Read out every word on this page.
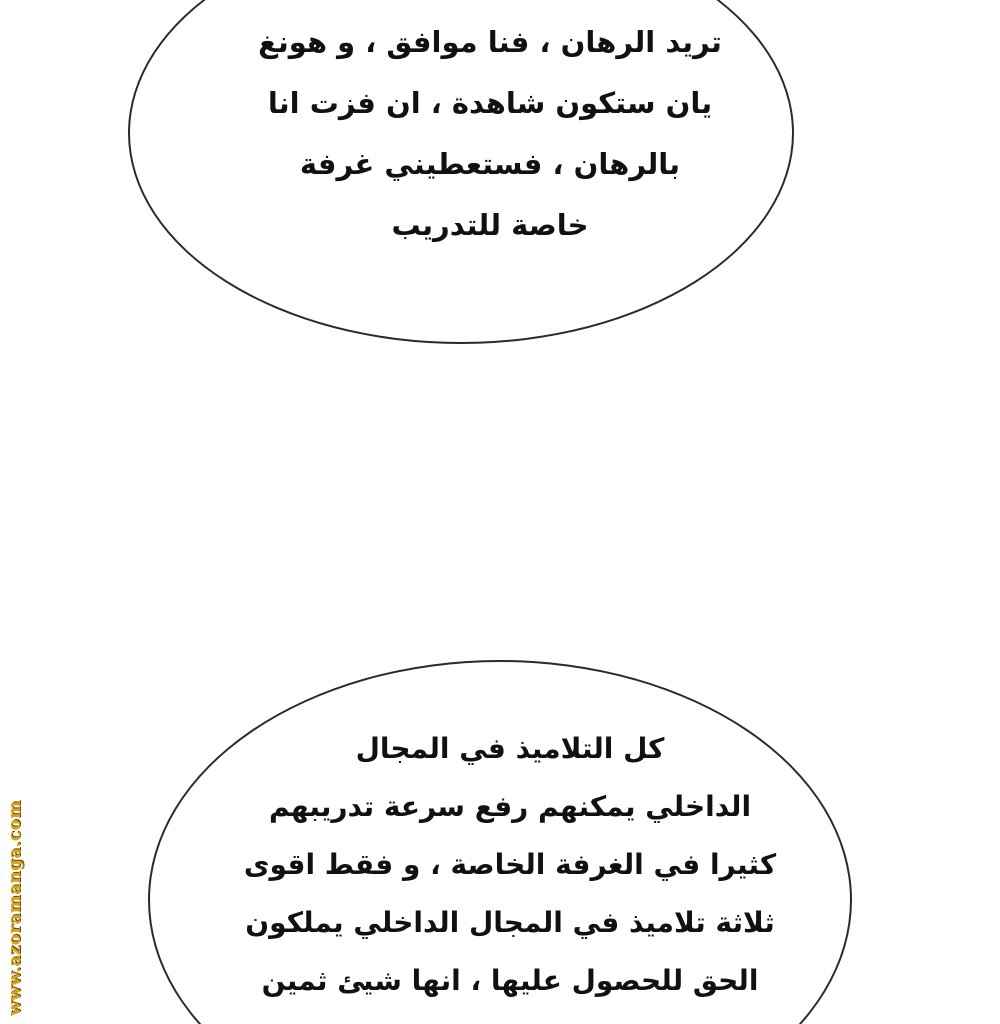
تريد الرهان ، فنا موافق ، و هونغ
يان ستكون شاهدة ، ان فزت انا
بالرهان ، فستعطيني غرفة
خاصة للتدريب
كل التلاميذ في المجال
الداخلي يمكنهم رفع سرعة تدريبهم
كثيرا في الغرفة الخاصة ، و فقط اقوى
ثلاثة تلاميذ في المجال الداخلي يملكون
الحق للحصول عليها ، انها شيئ ثمين
www.azoramanga.com
